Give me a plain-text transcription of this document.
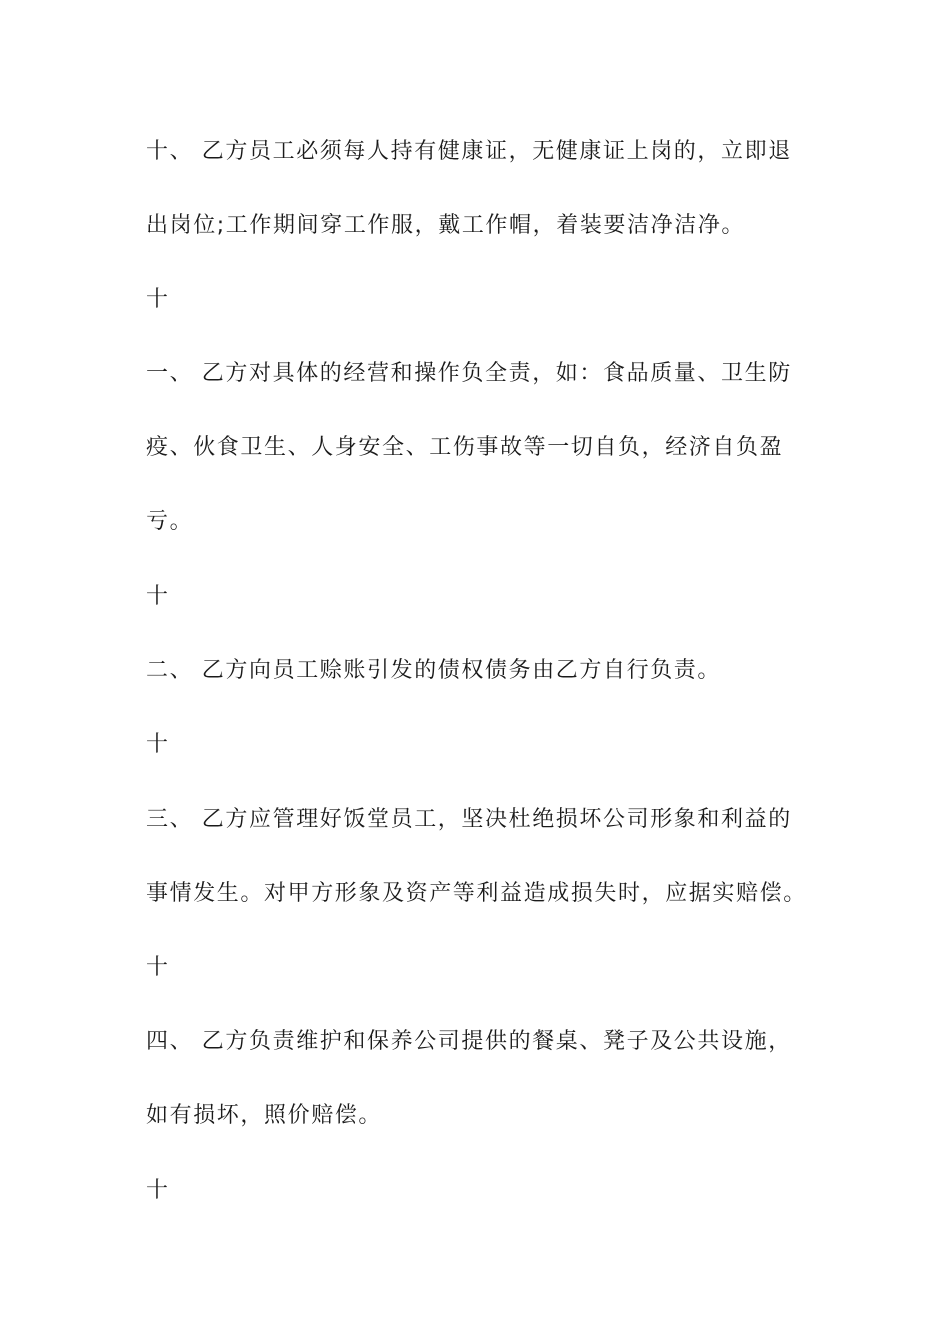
十、 乙方员工必须每人持有健康证，无健康证上岗的，立即退
出岗位;工作期间穿工作服，戴工作帽，着装要洁净洁净。
十
一、 乙方对具体的经营和操作负全责，如：食品质量、卫生防
疫、伙食卫生、人身安全、工伤事故等一切自负，经济自负盈
亏。
十
二、 乙方向员工赊账引发的债权债务由乙方自行负责。
十
三、 乙方应管理好饭堂员工，坚决杜绝损坏公司形象和利益的
事情发生。对甲方形象及资产等利益造成损失时，应据实赔偿。
十
四、 乙方负责维护和保养公司提供的餐桌、凳子及公共设施，
如有损坏，照价赔偿。
十
